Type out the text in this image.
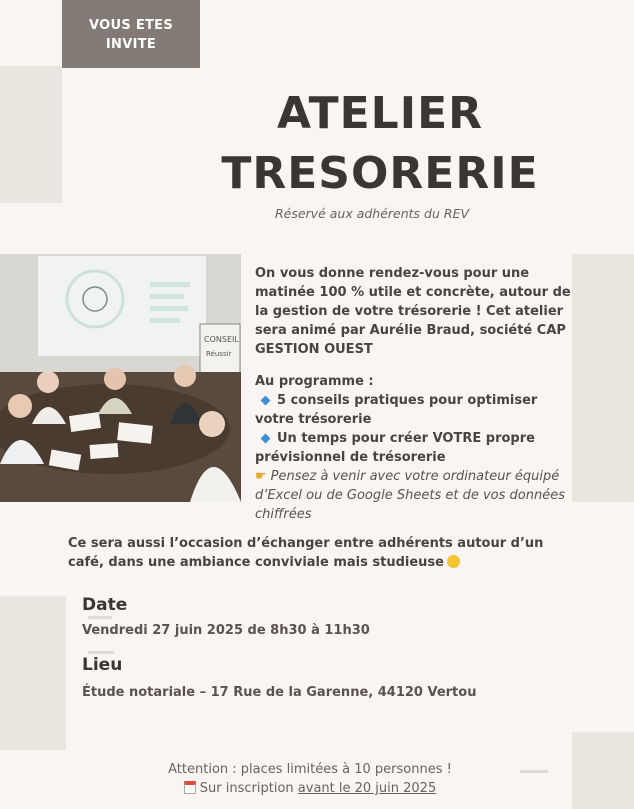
VOUS ETES
INVITE
ATELIER
TRESORERIE
Réservé aux adhérents du REV
CONSEIL
Réussir
On vous donne rendez-vous pour une matinée 100 % utile et concrète, autour de la gestion de votre trésorerie ! Cet atelier sera animé par Aurélie Braud, société CAP GESTION OUEST
Au programme :
5 conseils pratiques pour optimiser votre trésorerie
Un temps pour créer VOTRE propre prévisionnel de trésorerie
☛ Pensez à venir avec votre ordinateur équipé d’Excel ou de Google Sheets et de vos données chiffrées
Ce sera aussi l’occasion d’échanger entre adhérents autour d’un café, dans une ambiance conviviale mais studieuse
Date
Vendredi 27 juin 2025 de 8h30 à 11h30
Lieu
Étude notariale – 17 Rue de la Garenne, 44120 Vertou
Attention : places limitées à 10 personnes !
Sur inscription avant le 20 juin 2025
